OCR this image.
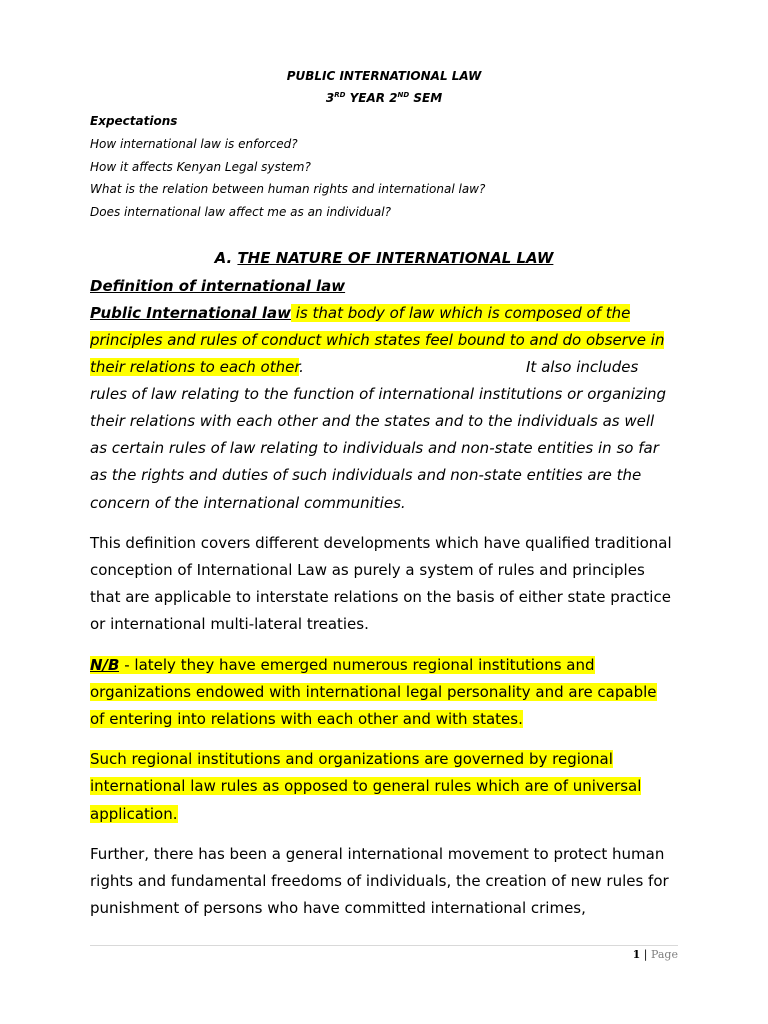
PUBLIC INTERNATIONAL LAW
3RD YEAR 2ND SEM
Expectations
How international law is enforced?
How it affects Kenyan Legal system?
What is the relation between human rights and international law?
Does international law affect me as an individual?
A. THE NATURE OF INTERNATIONAL LAW
Definition of international law
Public International law is that body of law which is composed of the
principles and rules of conduct which states feel bound to and do observe in
their relations to each other.	It also includes
rules of law relating to the function of international institutions or organizing
their relations with each other and the states and to the individuals as well
as certain rules of law relating to individuals and non-state entities in so far
as the rights and duties of such individuals and non-state entities are the
concern of the international communities.
This definition covers different developments which have qualified traditional
conception of International Law as purely a system of rules and principles
that are applicable to interstate relations on the basis of either state practice
or international multi-lateral treaties.
N/B - lately they have emerged numerous regional institutions and
organizations endowed with international legal personality and are capable
of entering into relations with each other and with states.
Such regional institutions and organizations are governed by regional
international law rules as opposed to general rules which are of universal
application.
Further, there has been a general international movement to protect human
rights and fundamental freedoms of individuals, the creation of new rules for
punishment of persons who have committed international crimes,
1 | Page
